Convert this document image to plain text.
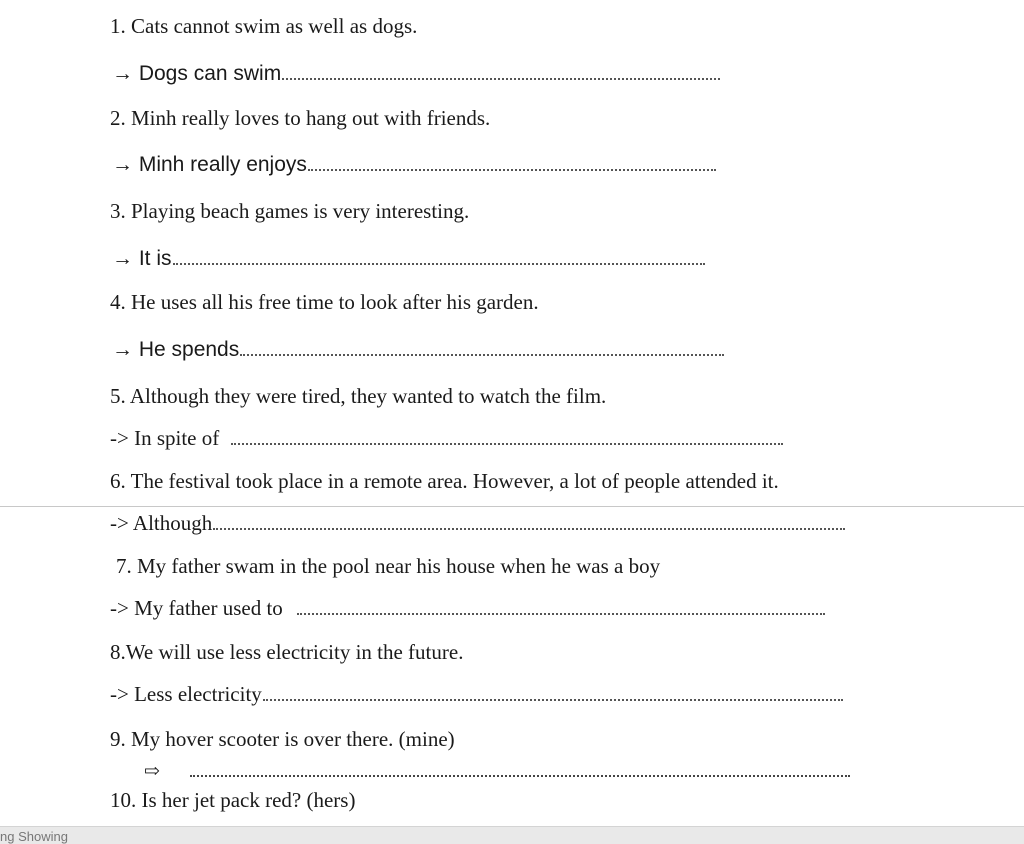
1. Cats cannot swim as well as dogs.
→ Dogs can swim
2. Minh really loves to hang out with friends.
→ Minh really enjoys
3. Playing beach games is very interesting.
→ It is
4. He uses all his free time to look after his garden.
→ He spends
5. Although they were tired, they wanted to watch the film.
-> In spite of
6. The festival took place in a remote area. However, a lot of people attended it.
-> Although
7. My father swam in the pool near his house when he was a boy
-> My father used to
8.We will use less electricity in the future.
-> Less electricity
9. My hover scooter is over there. (mine)
⇨
10. Is her jet pack red? (hers)
ng Showing
